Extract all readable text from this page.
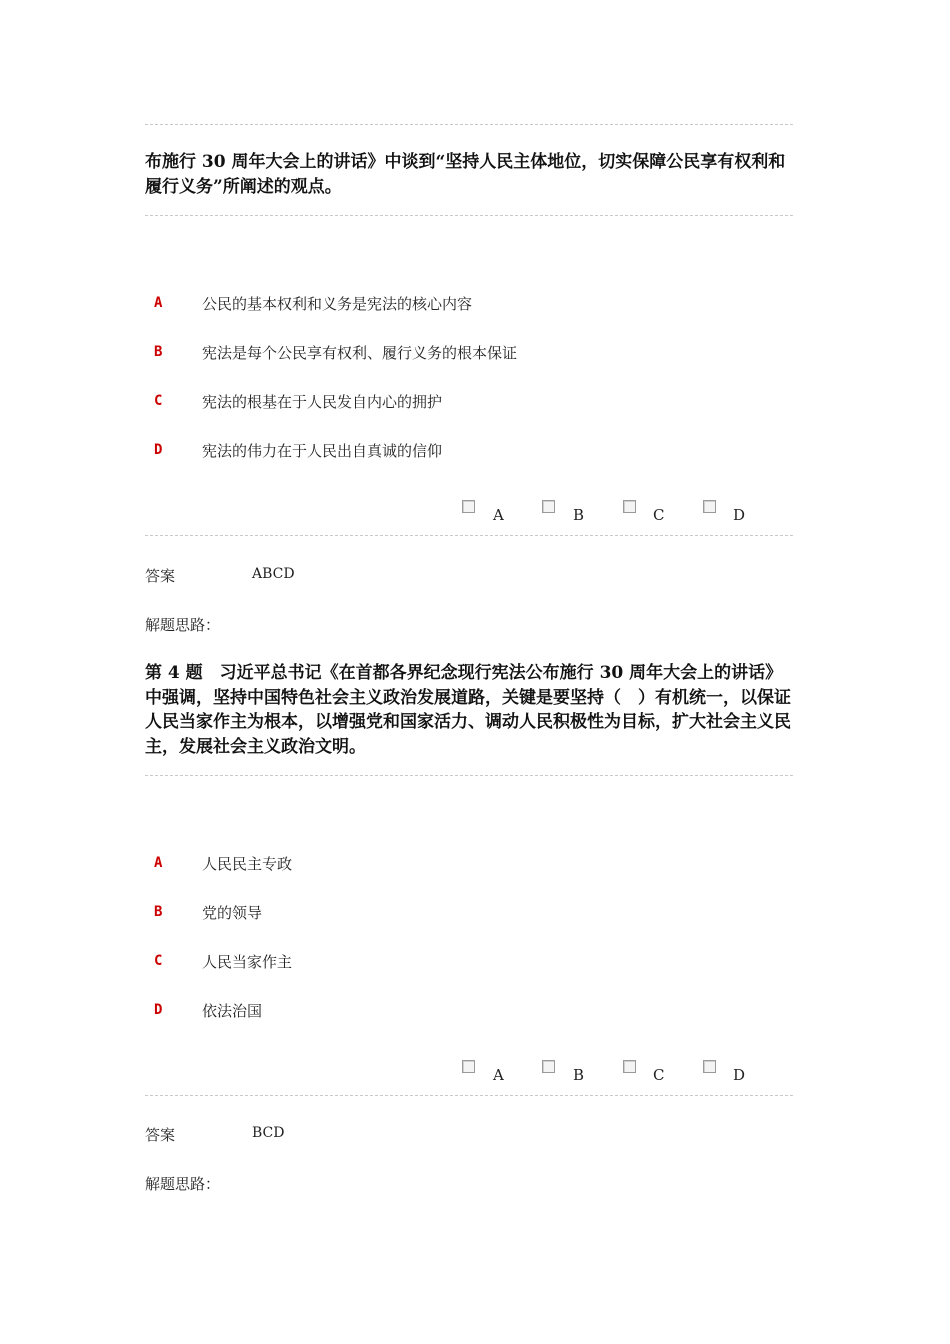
布施行 30 周年大会上的讲话》中谈到“坚持人民主体地位，切实保障公民享有权利和履行义务”所阐述的观点。
A	公民的基本权利和义务是宪法的核心内容
B	宪法是每个公民享有权利、履行义务的根本保证
C	宪法的根基在于人民发自内心的拥护
D	宪法的伟力在于人民出自真诚的信仰
A	B	C	D
答案	ABCD
解题思路：
第 4 题　习近平总书记《在首都各界纪念现行宪法公布施行 30 周年大会上的讲话》中强调，坚持中国特色社会主义政治发展道路，关键是要坚持（　）有机统一，以保证人民当家作主为根本，以增强党和国家活力、调动人民积极性为目标，扩大社会主义民主，发展社会主义政治文明。
A	人民民主专政
B	党的领导
C	人民当家作主
D	依法治国
A	B	C	D
答案	BCD
解题思路：
